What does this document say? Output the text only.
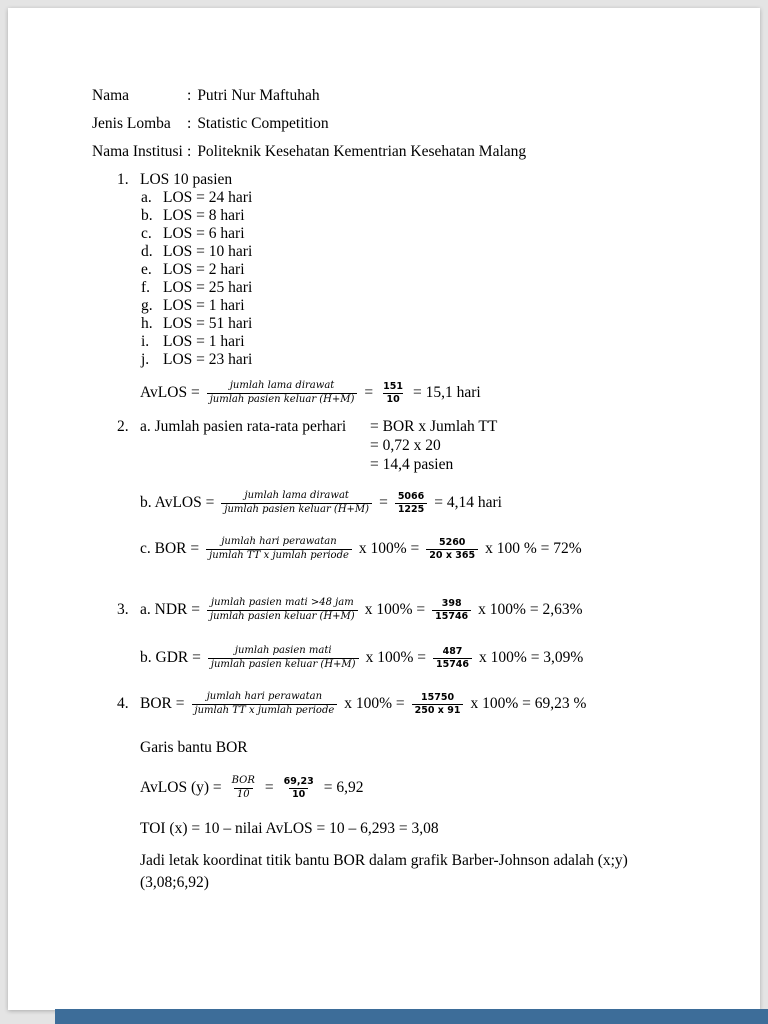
Nama	: Putri Nur Maftuhah
Jenis Lomba	: Statistic Competition
Nama Institusi : Politeknik Kesehatan Kementrian Kesehatan Malang
1. LOS 10 pasien
a. LOS = 24 hari
b. LOS = 8 hari
c. LOS = 6 hari
d. LOS = 10 hari
e. LOS = 2 hari
f. LOS = 25 hari
g. LOS = 1 hari
h. LOS = 51 hari
i. LOS = 1 hari
j. LOS = 23 hari
AvLOS = $\frac{\text{jumlah lama dirawat}}{\text{jumlah pasien keluar (H+M)}} = \frac{151}{10} = 15,1$ hari
2. a. Jumlah pasien rata-rata perhari = BOR x Jumlah TT
= 0,72 x 20
= 14,4 pasien
b. AvLOS = $\frac{\text{jumlah lama dirawat}}{\text{jumlah pasien keluar (H+M)}} = \frac{5066}{1225} = 4,14$ hari
c. BOR = $\frac{\text{jumlah hari perawatan}}{\text{jumlah TT x jumlah periode}}$ x $100\% = \frac{5260}{20 x 365}$ x 100 % = 72%
3. a. NDR = $\frac{\text{jumlah pasien mati >48 jam}}{\text{jumlah pasien keluar (H+M)}}$ x $100\% = \frac{398}{15746}$ x 100% = 2,63%
b. GDR = $\frac{\text{jumlah pasien mati}}{\text{jumlah pasien keluar (H+M)}}$ x $100\% = \frac{487}{15746}$ x 100% = 3,09%
4. BOR = $\frac{\text{jumlah hari perawatan}}{\text{jumlah TT x jumlah periode}}$ x $100\% = \frac{15750}{250 x 91}$ x 100% = 69,23 %
Garis bantu BOR
AvLOS $(y) = \frac{\text{BOR}}{10} = \frac{69,23}{10} = 6,92$
TOI (x) = 10 – nilai AvLOS = 10 – 6,293 = 3,08
Jadi letak koordinat titik bantu BOR dalam grafik Barber-Johnson adalah (x;y)
(3,08;6,92)
